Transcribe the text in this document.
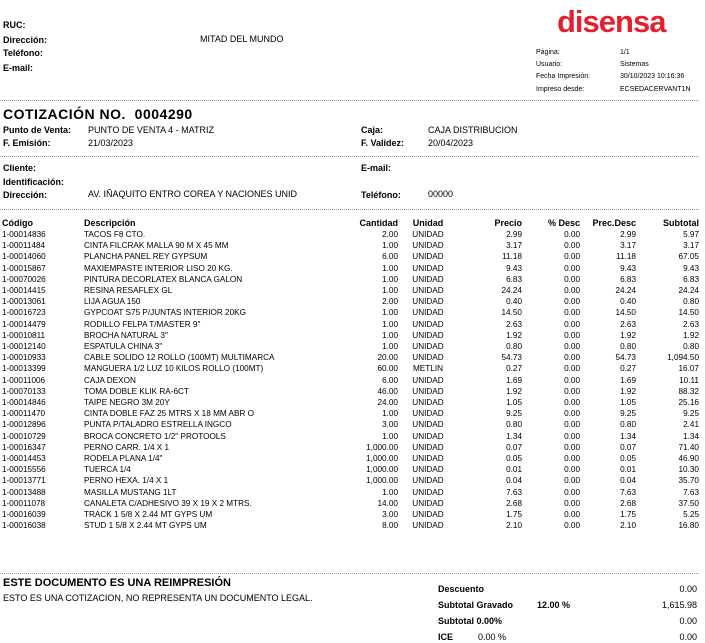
disensa
RUC:
Dirección:	MITAD DEL MUNDO
Teléfono:
E-mail:
Página:	1/1
Usuario:	Sistemas
Fecha Impresión:	30/10/2023 10:16:36
Impreso desde:	ECSEDACERVANT1N
COTIZACIÓN NO. 0004290
Punto de Venta: PUNTO DE VENTA 4 - MATRIZ
F. Emisión:	21/03/2023
Caja:	CAJA DISTRIBUCION
F. Validez:	20/04/2023
Cliente:	E-mail:
Identificación:
Dirección:	AV. IÑAQUITO ENTRO COREA Y NACIONES UNID	Teléfono:	00000
Código	Descripción	Cantidad	Unidad	Precio	% Desc	Prec.Desc	Subtotal
1-00014836	TACOS F8 CTO.	2.00	UNIDAD	2.99	0.00	2.99	5.97
1-00011484	CINTA FILCRAK MALLA 90 M X 45 MM	1.00	UNIDAD	3.17	0.00	3.17	3.17
1-00014060	PLANCHA PANEL REY GYPSUM	6.00	UNIDAD	11.18	0.00	11.18	67.05
1-00015867	MAXIEMPASTE INTERIOR LISO 20 KG.	1.00	UNIDAD	9.43	0.00	9.43	9.43
1-00070026	PINTURA DECORLATEX BLANCA GALON	1.00	UNIDAD	6.83	0.00	6.83	6.83
1-00014415	RESINA RESAFLEX GL	1.00	UNIDAD	24.24	0.00	24.24	24.24
1-00013061	LIJA AGUA 150	2.00	UNIDAD	0.40	0.00	0.40	0.80
1-00016723	GYPCOAT S75 P/JUNTAS INTERIOR 20KG	1.00	UNIDAD	14.50	0.00	14.50	14.50
1-00014479	RODILLO FELPA T/MASTER 9"	1.00	UNIDAD	2.63	0.00	2.63	2.63
1-00010811	BROCHA NATURAL 3"	1.00	UNIDAD	1.92	0.00	1.92	1.92
1-00012140	ESPATULA CHINA 3"	1.00	UNIDAD	0.80	0.00	0.80	0.80
1-00010933	CABLE SOLIDO 12 ROLLO (100MT) MULTIMARCA	20.00	UNIDAD	54.73	0.00	54.73	1,094.50
1-00013399	MANGUERA 1/2 LUZ 10 KILOS ROLLO (100MT)	60.00	METLIN	0.27	0.00	0.27	16.07
1-00011006	CAJA DEXON	6.00	UNIDAD	1.69	0.00	1.69	10.11
1-00070133	TOMA DOBLE KLIK RA-6CT	46.00	UNIDAD	1.92	0.00	1.92	88.32
1-00014846	TAIPE NEGRO 3M 20Y	24.00	UNIDAD	1.05	0.00	1.05	25.16
1-00011470	CINTA DOBLE FAZ 25 MTRS X 18 MM ABR O	1.00	UNIDAD	9.25	0.00	9.25	9.25
1-00012896	PUNTA P/TALADRO ESTRELLA INGCO	3.00	UNIDAD	0.80	0.00	0.80	2.41
1-00010729	BROCA CONCRETO 1/2" PROTOOLS	1.00	UNIDAD	1.34	0.00	1.34	1.34
1-00016347	PERNO CARR. 1/4 X 1	1,000.00	UNIDAD	0.07	0.00	0.07	71.40
1-00014453	RODELA PLANA 1/4"	1,000.00	UNIDAD	0.05	0.00	0.05	46.90
1-00015556	TUERCA 1/4	1,000.00	UNIDAD	0.01	0.00	0.01	10.30
1-00013771	PERNO HEXA. 1/4 X 1	1,000.00	UNIDAD	0.04	0.00	0.04	35.70
1-00013488	MASILLA MUSTANG 1LT	1.00	UNIDAD	7.63	0.00	7.63	7.63
1-00011078	CANALETA C/ADHESIVO 39 X 19 X 2 MTRS.	14.00	UNIDAD	2.68	0.00	2.68	37.50
1-00016039	TRACK 1 5/8 X 2.44 MT GYPS UM	3.00	UNIDAD	1.75	0.00	1.75	5.25
1-00016038	STUD 1 5/8 X 2.44 MT GYPS UM	8.00	UNIDAD	2.10	0.00	2.10	16.80
ESTE DOCUMENTO ES UNA REIMPRESIÓN
ESTO ES UNA COTIZACION, NO REPRESENTA UN DOCUMENTO LEGAL.
Descuento	0.00
Subtotal Gravado	12.00 %	1,615.98
Subtotal 0.00%	0.00
ICE	0.00 %	0.00
